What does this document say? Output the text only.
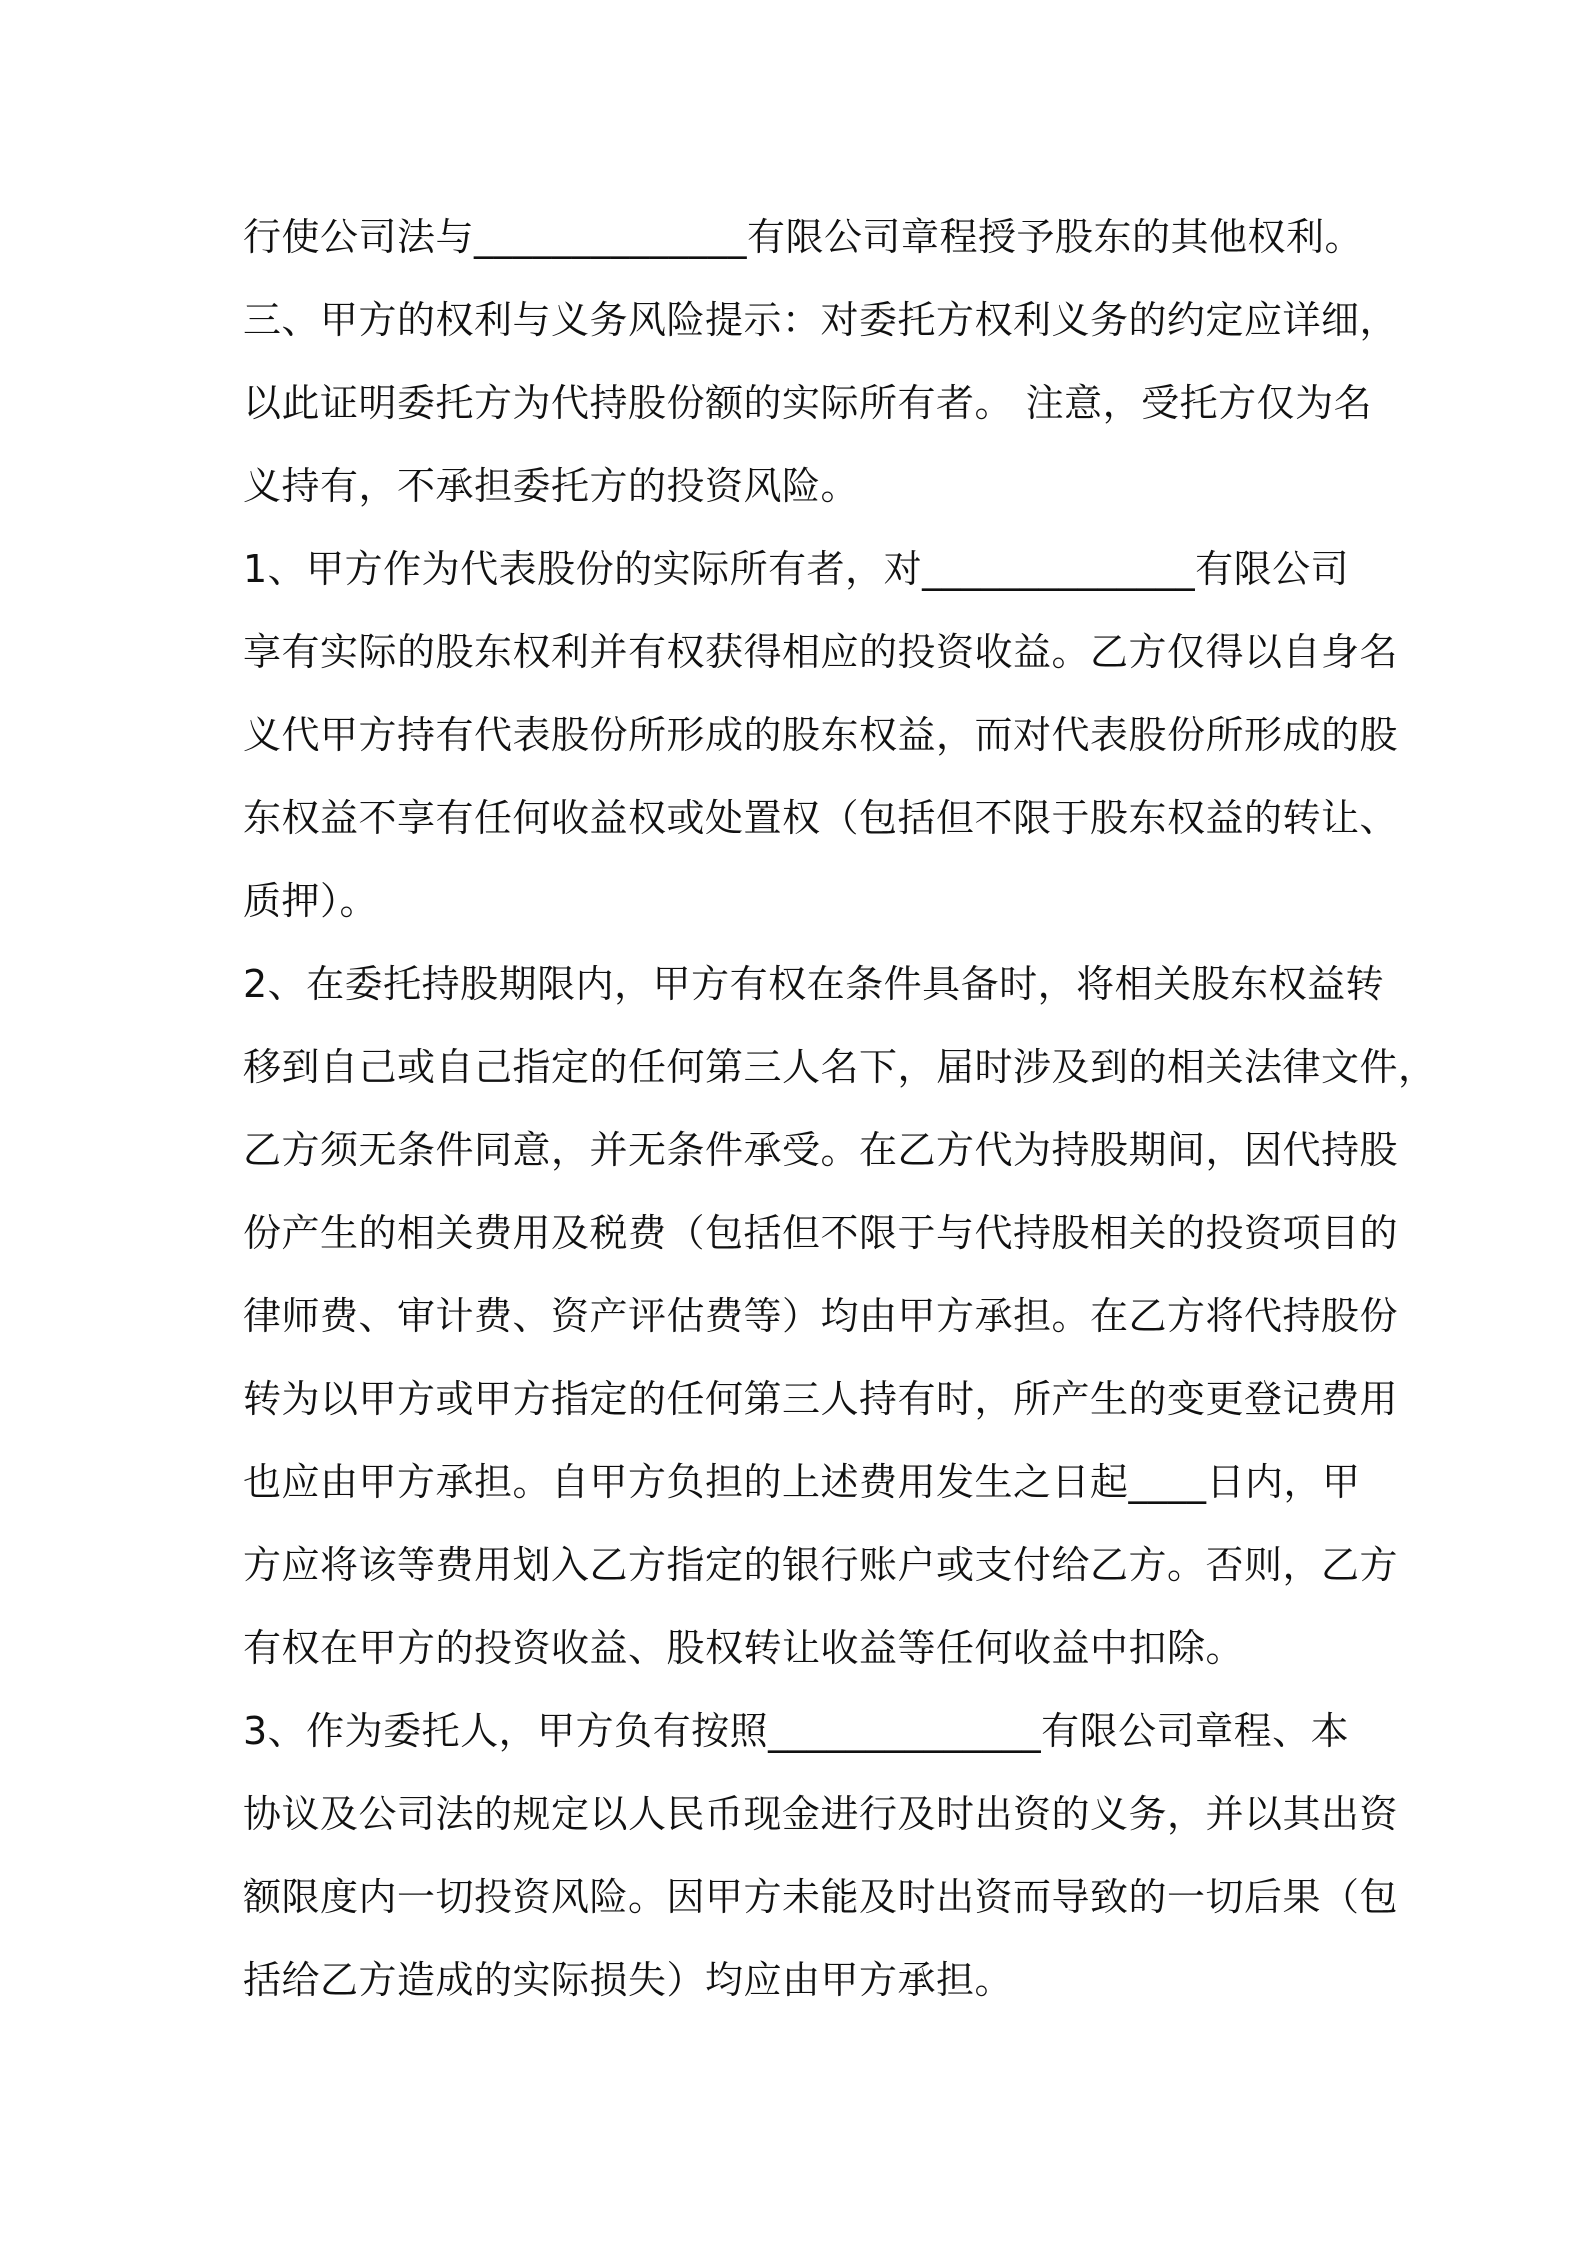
行使公司法与______________有限公司章程授予股东的其他权利。
三、甲方的权利与义务风险提示：对委托方权利义务的约定应详细，
以此证明委托方为代持股份额的实际所有者。 注意，受托方仅为名
义持有，不承担委托方的投资风险。
1、甲方作为代表股份的实际所有者，对______________有限公司
享有实际的股东权利并有权获得相应的投资收益。乙方仅得以自身名
义代甲方持有代表股份所形成的股东权益，而对代表股份所形成的股
东权益不享有任何收益权或处置权（包括但不限于股东权益的转让、
质押）。
2、在委托持股期限内，甲方有权在条件具备时，将相关股东权益转
移到自己或自己指定的任何第三人名下，届时涉及到的相关法律文件，
乙方须无条件同意，并无条件承受。在乙方代为持股期间，因代持股
份产生的相关费用及税费（包括但不限于与代持股相关的投资项目的
律师费、审计费、资产评估费等）均由甲方承担。在乙方将代持股份
转为以甲方或甲方指定的任何第三人持有时，所产生的变更登记费用
也应由甲方承担。自甲方负担的上述费用发生之日起____日内，甲
方应将该等费用划入乙方指定的银行账户或支付给乙方。否则，乙方
有权在甲方的投资收益、股权转让收益等任何收益中扣除。
3、作为委托人，甲方负有按照______________有限公司章程、本
协议及公司法的规定以人民币现金进行及时出资的义务，并以其出资
额限度内一切投资风险。因甲方未能及时出资而导致的一切后果（包
括给乙方造成的实际损失）均应由甲方承担。
